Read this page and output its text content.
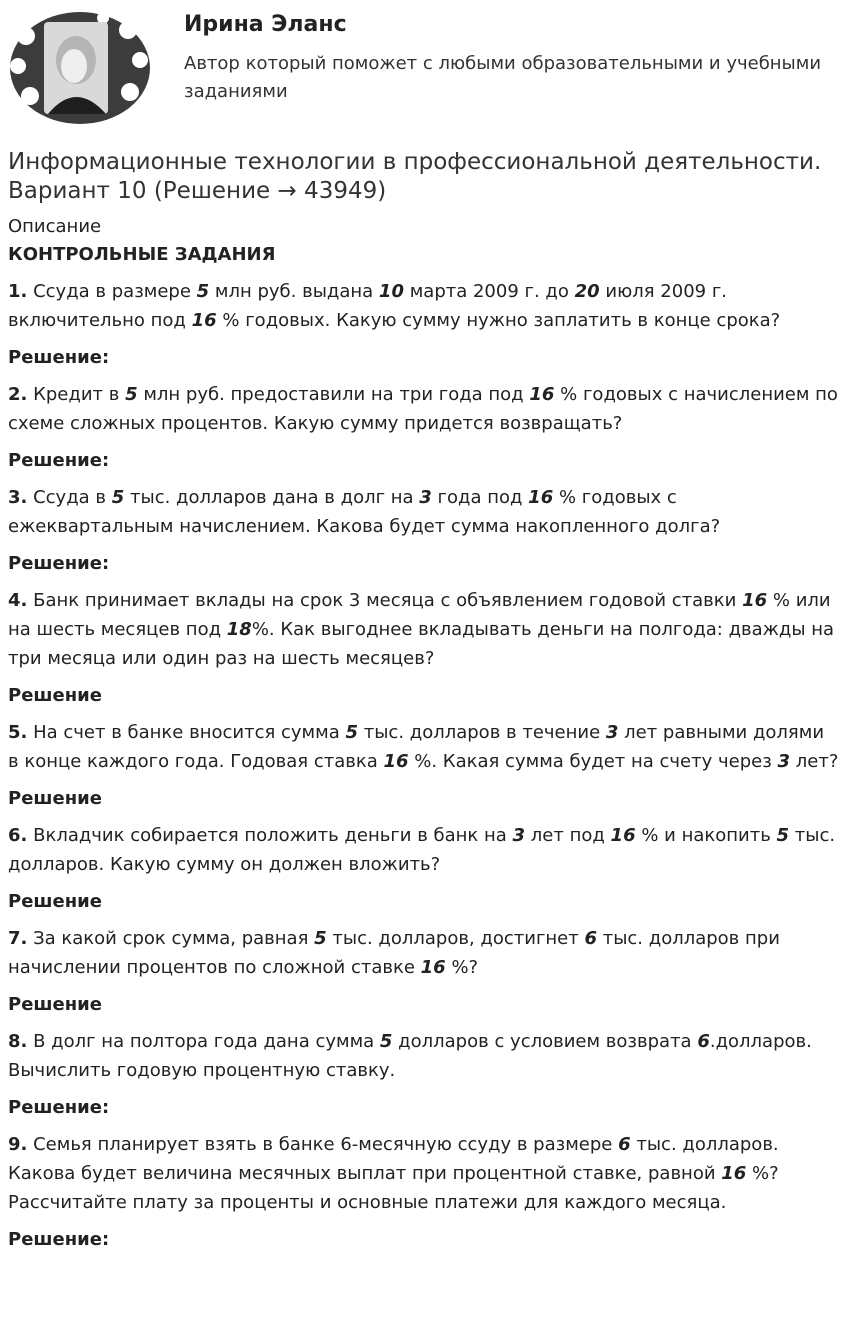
Ирина Эланс
Автор который поможет с любыми образовательными и учебными заданиями
Информационные технологии в профессиональной деятельности. Вариант 10 (Решение → 43949)
Описание
КОНТРОЛЬНЫЕ ЗАДАНИЯ
1. Ссуда в размере 5 млн руб. выдана 10 марта 2009 г. до 20 июля 2009 г. включительно под 16 % годовых. Какую сумму нужно заплатить в конце срока?
Решение:
2. Кредит в 5 млн руб. предоставили на три года под 16 % годовых с начислением по схеме сложных процентов. Какую сумму придется возвращать?
Решение:
3. Ссуда в 5 тыс. долларов дана в долг на 3 года под 16 % годовых с ежеквартальным начислением. Какова будет сумма накопленного долга?
Решение:
4. Банк принимает вклады на срок 3 месяца с объявлением годовой ставки 16 % или на шесть месяцев под 18%. Как выгоднее вкладывать деньги на полгода: дважды на три месяца или один раз на шесть месяцев?
Решение
5. На счет в банке вносится сумма 5 тыс. долларов в течение 3 лет равными долями в конце каждого года. Годовая ставка 16 %. Какая сумма будет на счету через 3 лет?
Решение
6. Вкладчик собирается положить деньги в банк на 3 лет под 16 % и накопить 5 тыс. долларов. Какую сумму он должен вложить?
Решение
7. За какой срок сумма, равная 5 тыс. долларов, достигнет 6 тыс. долларов при начислении процентов по сложной ставке 16 %?
Решение
8. В долг на полтора года дана сумма 5 долларов с условием возврата 6.долларов. Вычислить годовую процентную ставку.
Решение:
9. Семья планирует взять в банке 6-месячную ссуду в размере 6 тыс. долларов. Какова будет величина месячных выплат при процентной ставке, равной 16 %? Рассчитайте плату за проценты и основные платежи для каждого месяца.
Решение:
